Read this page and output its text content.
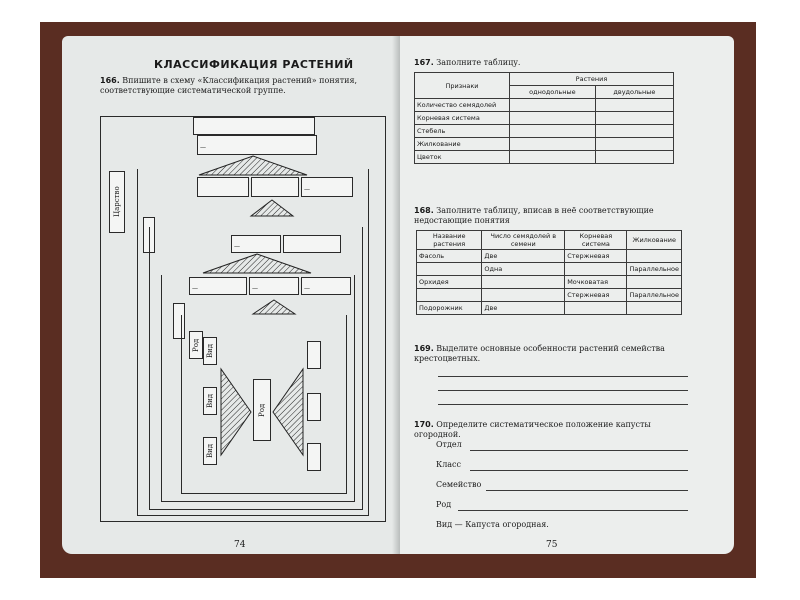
КЛАССИФИКАЦИЯ РАСТЕНИЙ
166. Впишите в схему «Классификация растений» понятия, соответствующие систематической группе.
—
Царство	—
—
—	—	—
Род Вид
Вид
Вид
Род
74
167. Заполните таблицу.
Признаки	Растения	
	однодольные	двудольные
Количество семядолей		
Корневая система		
Стебель		
Жилкование		
Цветок		
168. Заполните таблицу, вписав в неё соответствующие недостающие понятия
Название растения	Число семядолей в семени	Корневая система	Жилкование
Фасоль	Две	Стержневая	
	Одна		Параллельное
Орхидея		Мочковатая	
		Стержневая	Параллельное
Подорожник	Две		
169. Выделите основные особенности растений семейства крестоцветных.
170. Определите систематическое положение капусты огородной.
Отдел
Класс
Семейство
Род
Вид — Капуста огородная.
75
